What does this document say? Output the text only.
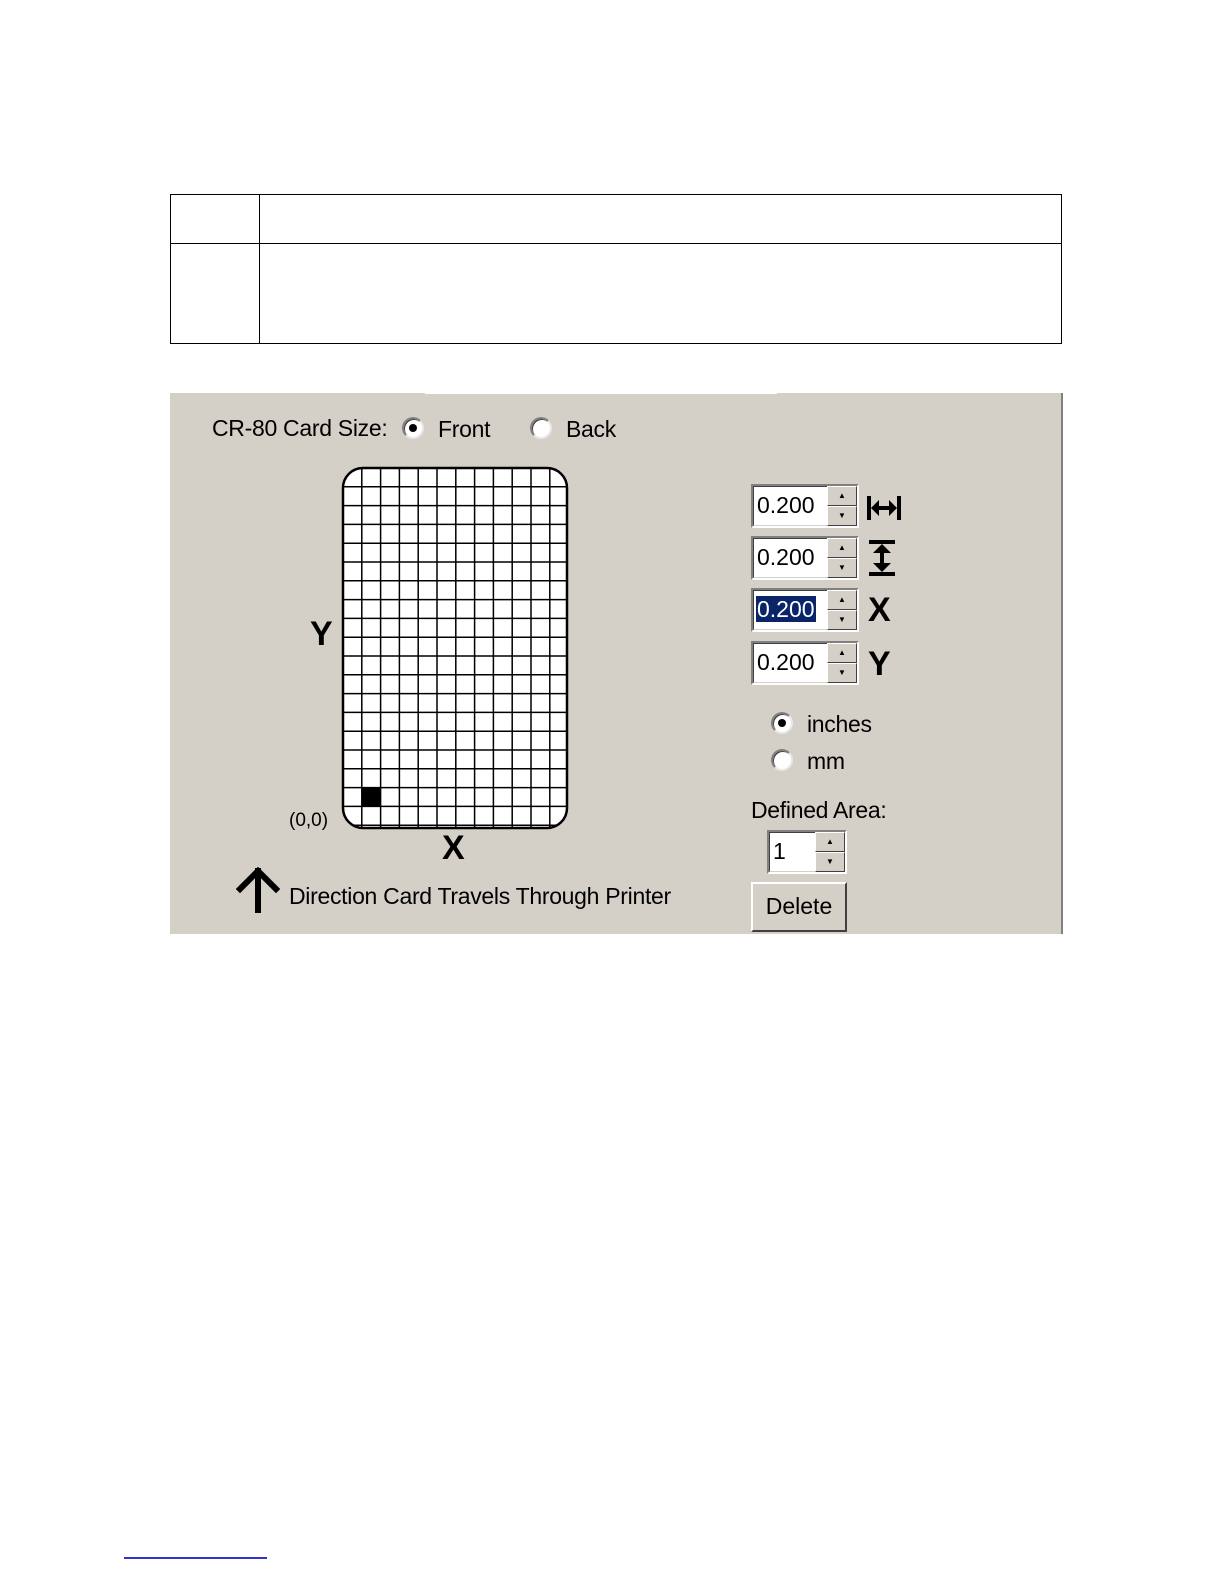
CR-80 Card Size: Front	Back
Y
X
(0,0)
Direction Card Travels Through Printer
0.200	▲
▼
0.200	▲
▼
0.200	▲
▼ X
0.200	▲
▼ Y
inches
mm
Defined Area:
1	▲
▼
Delete
